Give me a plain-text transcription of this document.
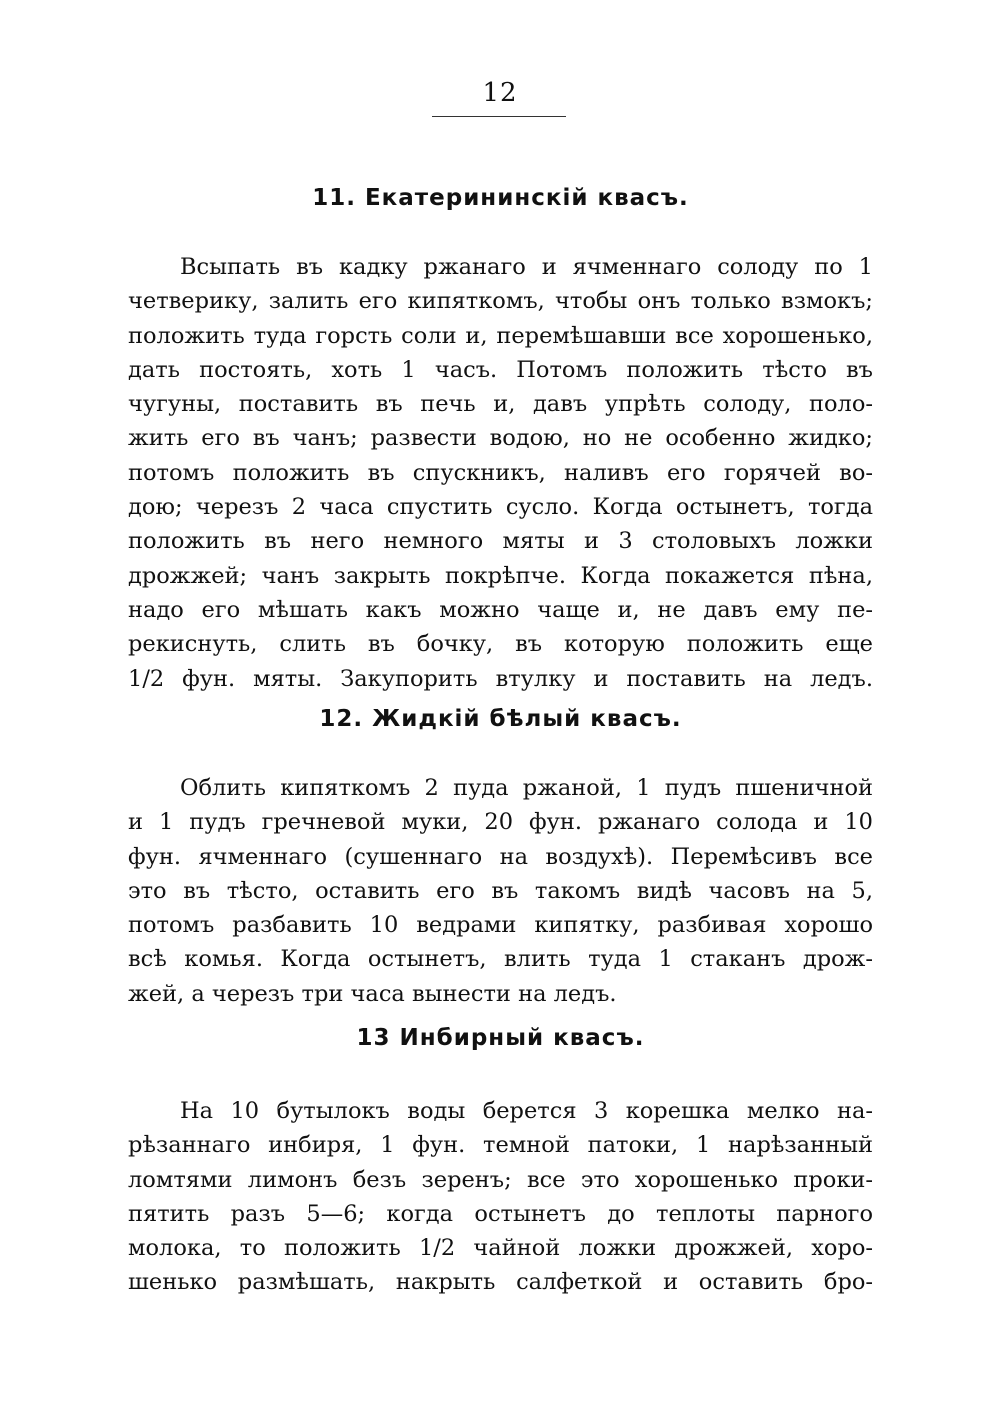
12
11. Екатерининскiй квасъ.
Всыпать въ кадку ржанаго и ячменнаго солоду по 1
четверику, залить его кипяткомъ, чтобы онъ только взмокъ;
положить туда горсть соли и, перемѣшавши все хорошенько,
дать постоять, хоть 1 часъ. Потомъ положить тѣсто въ
чугуны, поставить въ печь и, давъ упрѣть солоду, поло-
жить его въ чанъ; развести водою, но не особенно жидко;
потомъ положить въ спускникъ, наливъ его горячей во-
дою; черезъ 2 часа спустить сусло. Когда остынетъ, тогда
положить въ него немного мяты и 3 столовыхъ ложки
дрожжей; чанъ закрыть покрѣпче. Когда покажется пѣна,
надо его мѣшать какъ можно чаще и, не давъ ему пе-
рекиснуть, слить въ бочку, въ которую положить еще
1/2 фун. мяты. Закупорить втулку и поставить на ледъ.
12. Жидкiй бѣлый квасъ.
Облить кипяткомъ 2 пуда ржаной, 1 пудъ пшеничной
и 1 пудъ гречневой муки, 20 фун. ржанаго солода и 10
фун. ячменнаго (сушеннаго на воздухѣ). Перемѣсивъ все
это въ тѣсто, оставить его въ такомъ видѣ часовъ на 5,
потомъ разбавить 10 ведрами кипятку, разбивая хорошо
всѣ комья. Когда остынетъ, влить туда 1 стаканъ дрож-
жей, а черезъ три часа вынести на ледъ.
13 Инбирный квасъ.
На 10 бутылокъ воды берется 3 корешка мелко на-
рѣзаннаго инбиря, 1 фун. темной патоки, 1 нарѣзанный
ломтями лимонъ безъ зеренъ; все это хорошенько проки-
пятить разъ 5—6; когда остынетъ до теплоты парного
молока, то положить 1/2 чайной ложки дрожжей, хоро-
шенько размѣшать, накрыть салфеткой и оставить бро-
